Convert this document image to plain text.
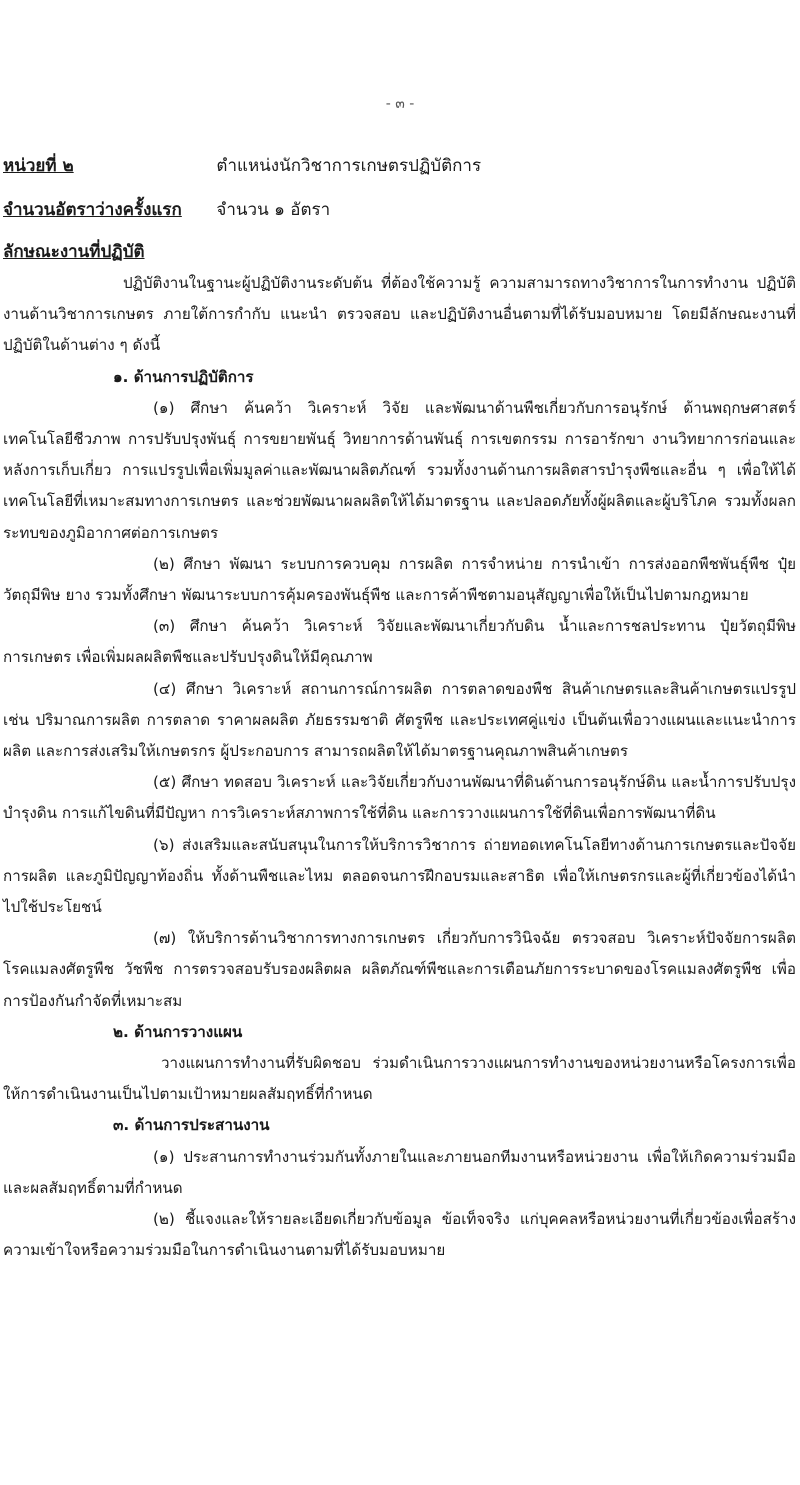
- ๓ -
หน่วยที่ ๒	ตำแหน่งนักวิชาการเกษตรปฏิบัติการ
จำนวนอัตราว่างครั้งแรก จำนวน ๑ อัตรา
ลักษณะงานที่ปฏิบัติ

ปฏิบัติงานในฐานะผู้ปฏิบัติงานระดับต้น ที่ต้องใช้ความรู้ ความสามารถทางวิชาการในการทำงาน ปฏิบัติงานด้านวิชาการเกษตร ภายใต้การกำกับ แนะนำ ตรวจสอบ และปฏิบัติงานอื่นตามที่ได้รับมอบหมาย โดยมีลักษณะงานที่ปฏิบัติในด้านต่าง ๆ ดังนี้

๑. ด้านการปฏิบัติการ

(๑) ศึกษา ค้นคว้า วิเคราะห์ วิจัย และพัฒนาด้านพืชเกี่ยวกับการอนุรักษ์ ด้านพฤกษศาสตร์ เทคโนโลยีชีวภาพ การปรับปรุงพันธุ์ การขยายพันธุ์ วิทยาการด้านพันธุ์ การเขตกรรม การอารักขา งานวิทยาการก่อนและหลังการเก็บเกี่ยว การแปรรูปเพื่อเพิ่มมูลค่าและพัฒนาผลิตภัณฑ์ รวมทั้งงานด้านการผลิตสารบำรุงพืชและอื่น ๆ เพื่อให้ได้เทคโนโลยีที่เหมาะสมทางการเกษตร และช่วยพัฒนาผลผลิตให้ได้มาตรฐาน และปลอดภัยทั้งผู้ผลิตและผู้บริโภค รวมทั้งผลกระทบของภูมิอากาศต่อการเกษตร

(๒) ศึกษา พัฒนา ระบบการควบคุม การผลิต การจำหน่าย การนำเข้า การส่งออกพืชพันธุ์พืช ปุ๋ย วัตถุมีพิษ ยาง รวมทั้งศึกษา พัฒนาระบบการคุ้มครองพันธุ์พืช และการค้าพืชตามอนุสัญญาเพื่อให้เป็นไปตามกฎหมาย

(๓) ศึกษา ค้นคว้า วิเคราะห์ วิจัยและพัฒนาเกี่ยวกับดิน น้ำและการชลประทาน ปุ๋ยวัตถุมีพิษการเกษตร เพื่อเพิ่มผลผลิตพืชและปรับปรุงดินให้มีคุณภาพ

(๔) ศึกษา วิเคราะห์ สถานการณ์การผลิต การตลาดของพืช สินค้าเกษตรและสินค้าเกษตรแปรรูป เช่น ปริมาณการผลิต การตลาด ราคาผลผลิต ภัยธรรมชาติ ศัตรูพืช และประเทศคู่แข่ง เป็นต้นเพื่อวางแผนและแนะนำการผลิต และการส่งเสริมให้เกษตรกร ผู้ประกอบการ สามารถผลิตให้ได้มาตรฐานคุณภาพสินค้าเกษตร

(๕) ศึกษา ทดสอบ วิเคราะห์ และวิจัยเกี่ยวกับงานพัฒนาที่ดินด้านการอนุรักษ์ดิน และน้ำการปรับปรุงบำรุงดิน การแก้ไขดินที่มีปัญหา การวิเคราะห์สภาพการใช้ที่ดิน และการวางแผนการใช้ที่ดินเพื่อการพัฒนาที่ดิน

(๖) ส่งเสริมและสนับสนุนในการให้บริการวิชาการ ถ่ายทอดเทคโนโลยีทางด้านการเกษตรและปัจจัยการผลิต และภูมิปัญญาท้องถิ่น ทั้งด้านพืชและไหม ตลอดจนการฝึกอบรมและสาธิต เพื่อให้เกษตรกรและผู้ที่เกี่ยวข้องได้นำไปใช้ประโยชน์

(๗) ให้บริการด้านวิชาการทางการเกษตร เกี่ยวกับการวินิจฉัย ตรวจสอบ วิเคราะห์ปัจจัยการผลิต โรคแมลงศัตรูพืช วัชพืช การตรวจสอบรับรองผลิตผล ผลิตภัณฑ์พืชและการเตือนภัยการระบาดของโรคแมลงศัตรูพืช เพื่อการป้องกันกำจัดที่เหมาะสม

๒. ด้านการวางแผน

วางแผนการทำงานที่รับผิดชอบ ร่วมดำเนินการวางแผนการทำงานของหน่วยงานหรือโครงการเพื่อให้การดำเนินงานเป็นไปตามเป้าหมายผลสัมฤทธิ์ที่กำหนด

๓. ด้านการประสานงาน

(๑) ประสานการทำงานร่วมกันทั้งภายในและภายนอกทีมงานหรือหน่วยงาน เพื่อให้เกิดความร่วมมือและผลสัมฤทธิ์ตามที่กำหนด

(๒) ชี้แจงและให้รายละเอียดเกี่ยวกับข้อมูล ข้อเท็จจริง แก่บุคคลหรือหน่วยงานที่เกี่ยวข้องเพื่อสร้างความเข้าใจหรือความร่วมมือในการดำเนินงานตามที่ได้รับมอบหมาย
